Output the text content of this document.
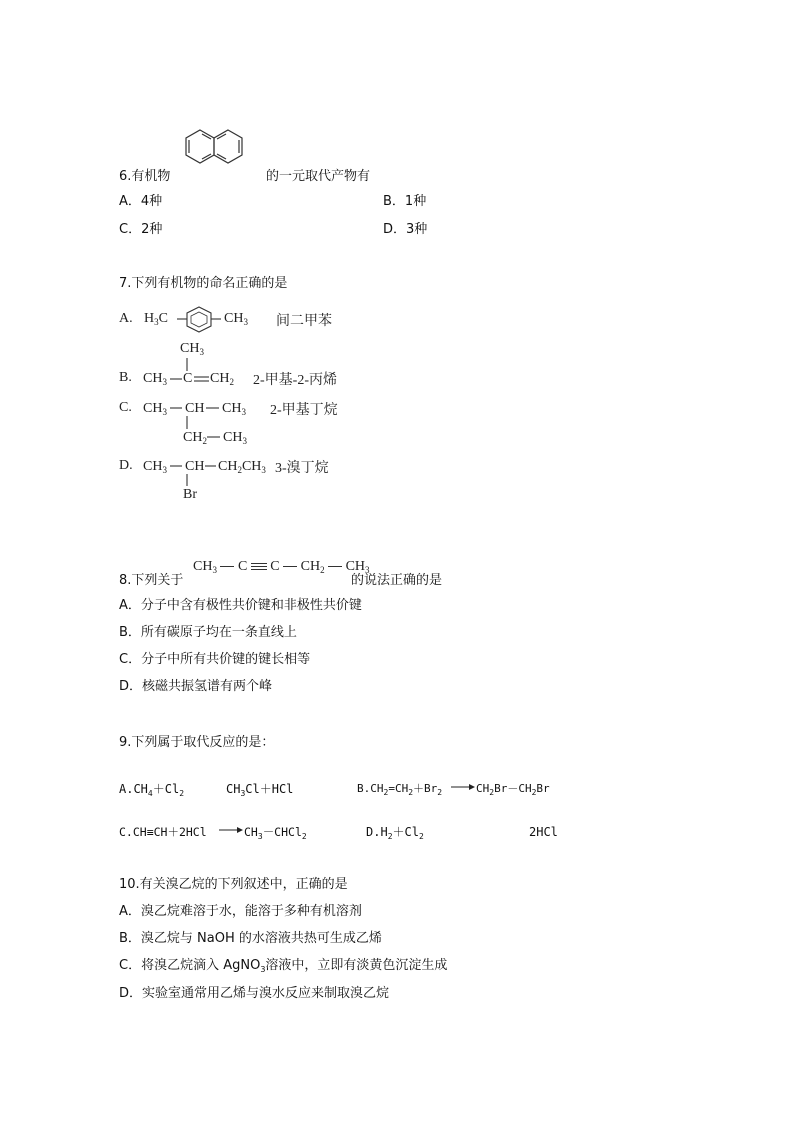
6.有机物	的一元取代产物有
A．4种	B．1种
C．2种	D．3种
7.下列有机物的命名正确的是
A. $H_3C$	$CH_3$ 间二甲苯
$CH_3$
B. $CH_3$ C $CH_2$ 2-甲基-2-丙烯
C. $CH_3$ CH $CH_3$
$CH_2$ $CH_3$
2-甲基丁烷
D. $CH_3$ CH $CH_2CH_3$
Br
3-溴丁烷
8.下列关于
$CH_3$ C C $CH_2$ $CH_3$
的说法正确的是
A．分子中含有极性共价键和非极性共价键
B．所有碳原子均在一条直线上
C．分子中所有共价键的键长相等
D．核磁共振氢谱有两个峰
9.下列属于取代反应的是：
$A.CH_4+Cl_2$	$CH_3Cl+HCl$	$B.CH_2=CH_2+Br_2$	$CH_2Br-CH_2Br$
C.CH≡CH＋2HCl	$CH_3-CHCl_2$	$D.H_2+Cl_2$	2HCl
10.有关溴乙烷的下列叙述中，正确的是
A．溴乙烷难溶于水，能溶于多种有机溶剂
B．溴乙烷与 NaOH 的水溶液共热可生成乙烯
C．将溴乙烷滴入 AgNO$_3$溶液中，立即有淡黄色沉淀生成
D．实验室通常用乙烯与溴水反应来制取溴乙烷
